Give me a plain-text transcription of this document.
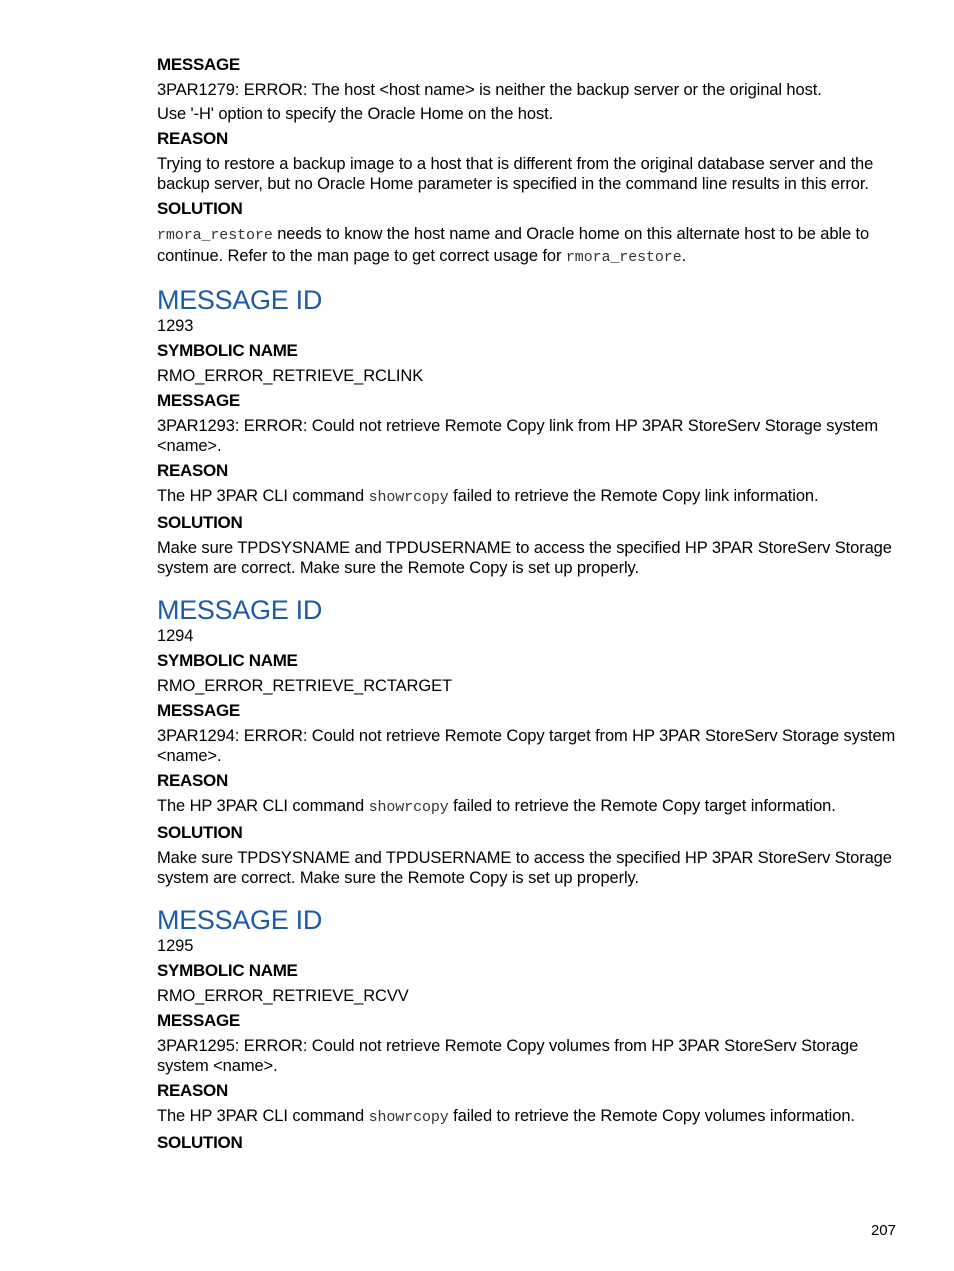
MESSAGE
3PAR1279: ERROR: The host <host name> is neither the backup server or the original host.
Use '-H' option to specify the Oracle Home on the host.
REASON
Trying to restore a backup image to a host that is different from the original database server and the backup server, but no Oracle Home parameter is specified in the command line results in this error.
SOLUTION
rmora_restore needs to know the host name and Oracle home on this alternate host to be able to continue. Refer to the man page to get correct usage for rmora_restore.
MESSAGE ID
1293
SYMBOLIC NAME
RMO_ERROR_RETRIEVE_RCLINK
MESSAGE
3PAR1293: ERROR: Could not retrieve Remote Copy link from HP 3PAR StoreServ Storage system <name>.
REASON
The HP 3PAR CLI command showrcopy failed to retrieve the Remote Copy link information.
SOLUTION
Make sure TPDSYSNAME and TPDUSERNAME to access the specified HP 3PAR StoreServ Storage system are correct. Make sure the Remote Copy is set up properly.
MESSAGE ID
1294
SYMBOLIC NAME
RMO_ERROR_RETRIEVE_RCTARGET
MESSAGE
3PAR1294: ERROR: Could not retrieve Remote Copy target from HP 3PAR StoreServ Storage system <name>.
REASON
The HP 3PAR CLI command showrcopy failed to retrieve the Remote Copy target information.
SOLUTION
Make sure TPDSYSNAME and TPDUSERNAME to access the specified HP 3PAR StoreServ Storage system are correct. Make sure the Remote Copy is set up properly.
MESSAGE ID
1295
SYMBOLIC NAME
RMO_ERROR_RETRIEVE_RCVV
MESSAGE
3PAR1295: ERROR: Could not retrieve Remote Copy volumes from HP 3PAR StoreServ Storage system <name>.
REASON
The HP 3PAR CLI command showrcopy failed to retrieve the Remote Copy volumes information.
SOLUTION
207
